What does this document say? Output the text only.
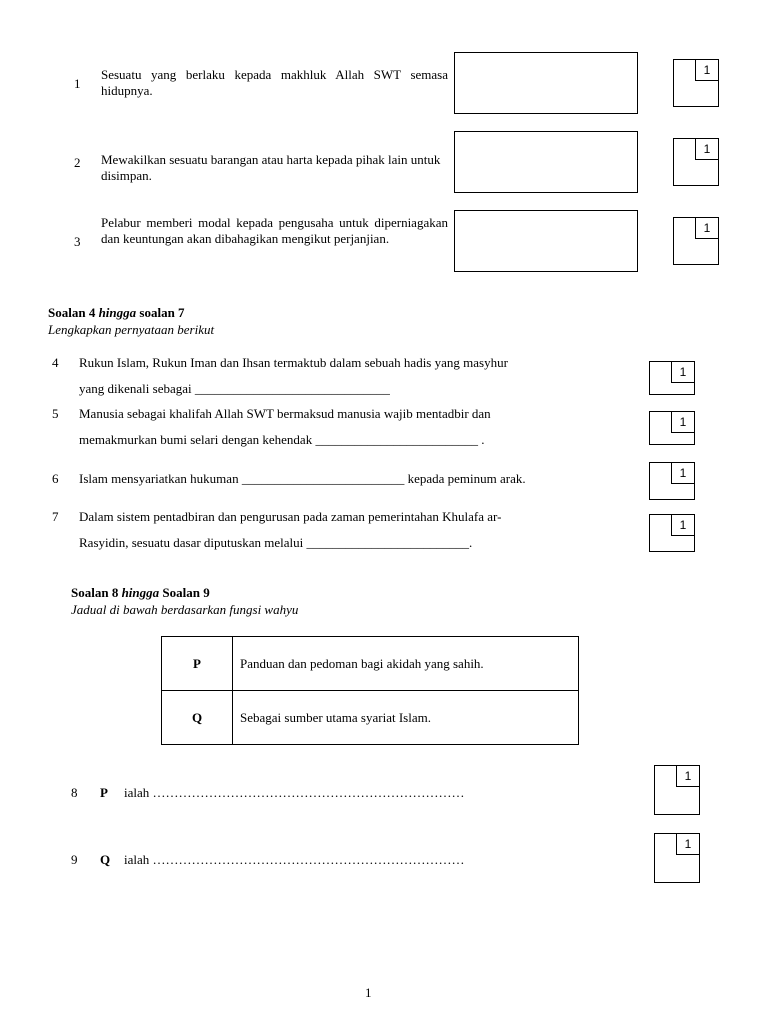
1
Sesuatu yang berlaku kepada makhluk Allah SWT semasa hidupnya.
1
2 Mewakilkan sesuatu barangan atau harta kepada pihak lain untuk disimpan.
1
3
Pelabur memberi modal kepada pengusaha untuk diperniagakan dan keuntungan akan dibahagikan mengikut perjanjian.
1
Soalan 4 hingga soalan 7
Lengkapkan pernyataan berikut
4 Rukun Islam, Rukun Iman dan Ihsan termaktub dalam sebuah hadis yang masyhur
yang dikenali sebagai ______________________________
1
5 Manusia sebagai khalifah Allah SWT bermaksud manusia wajib mentadbir dan
memakmurkan bumi selari dengan kehendak _________________________ .
1
6 Islam mensyariatkan hukuman _________________________ kepada peminum arak.	1
7 Dalam sistem pentadbiran dan pengurusan pada zaman pemerintahan Khulafa ar-
Rasyidin, sesuatu dasar diputuskan melalui _________________________.
1
Soalan 8 hingga Soalan 9
Jadual di bawah berdasarkan fungsi wahyu
P	Panduan dan pedoman bagi akidah yang sahih.
Q	Sebagai sumber utama syariat Islam.
8 P ialah ………………………………………………………………
1
9 Q ialah ………………………………………………………………
1
1
